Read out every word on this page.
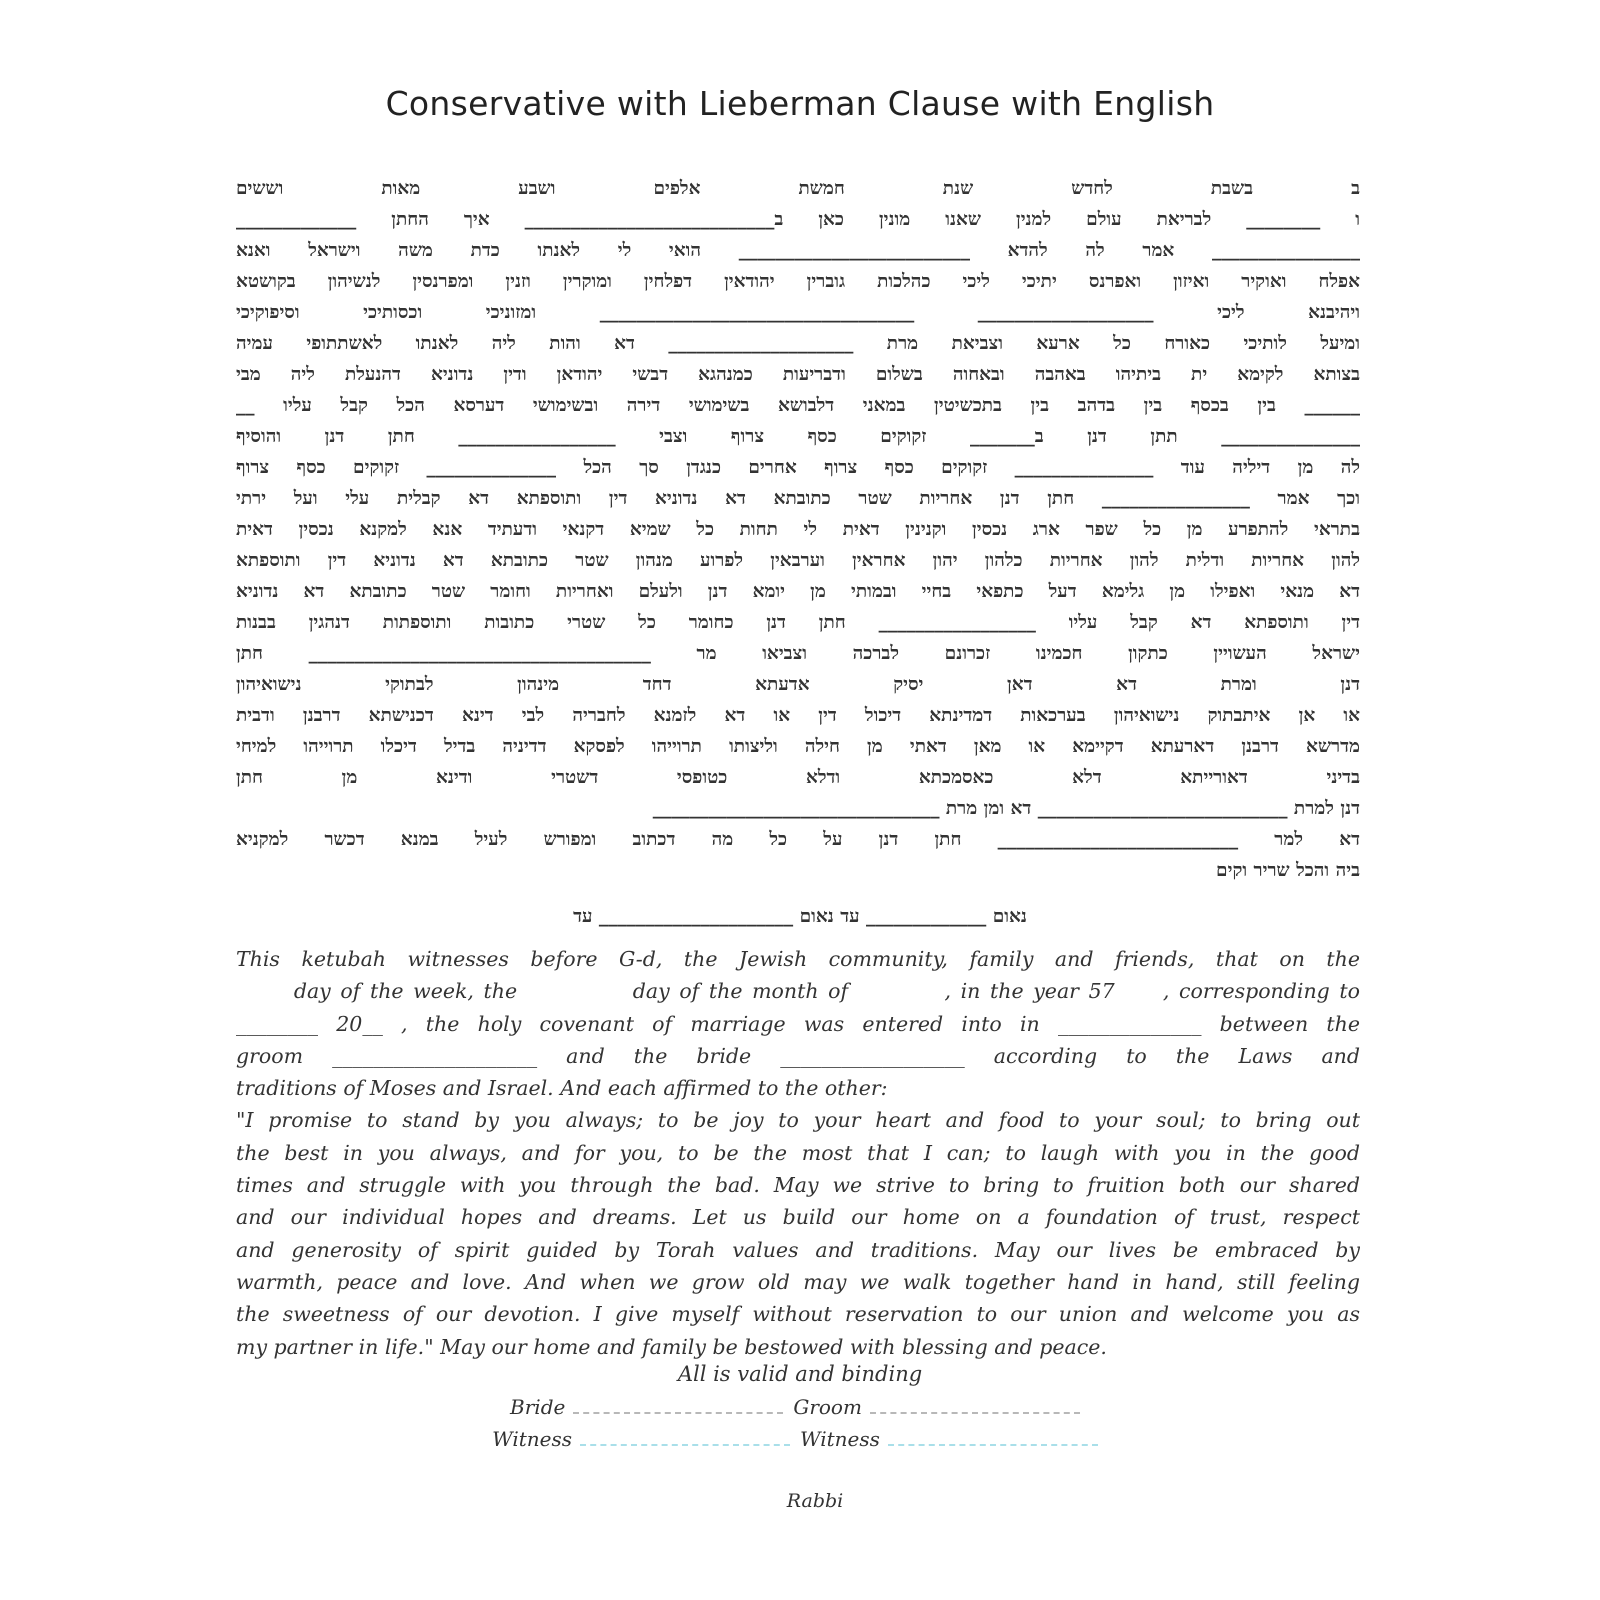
Conservative with Lieberman Clause with English
ב בשבת לחדש שנת חמשת אלפים ושבע מאות וששים
ו ________ לבריאת עולם למנין שאנו מונין כאן ב___________________________ איך החתן _____________
________________ אמר לה להדא _________________________ הואי לי לאנתו כדת משה וישראל ואנא
אפלח ואוקיר ואיזון ואפרנס יתיכי ליכי כהלכות גוברין יהודאין דפלחין ומוקרין וזנין ומפרנסין לנשיהון בקושטא
ויהיבנא ליכי ___________________ __________________________________ ומזוניכי וכסותיכי וסיפוקיכי
ומיעל לותיכי כאורח כל ארעא וצביאת מרת ____________________ דא והות ליה לאנתו לאשתתופי עמיה
בצותא לקימא ית ביתיהו באהבה ובאחוה בשלום ודבריעות כמנהגא דבשי יהודאן ודין נדוניא דהנעלת ליה מבי
______ בין בכסף בין בדהב בין בתכשיטין במאני דלבושא בשימושי דירה ובשימושי דערסא הכל קבל עליו __
_______________ תתן דנן ב_______ זקוקים כסף צרוף וצבי _________________ חתן דנן והוסיף
לה מן דיליה עוד _______________ זקוקים כסף צרוף אחרים כנגדן סך הכל ______________ זקוקים כסף צרוף
וכך אמר ________________ חתן דנן אחריות שטר כתובתא דא נדוניא דין ותוספתא דא קבלית עלי ועל ירתי
בתראי להתפרע מן כל שפר ארג נכסין וקנינין דאית לי תחות כל שמיא דקנאי ודעתיד אנא למקנא נכסין דאית
להון אחריות ודלית להון אחריות כלהון יהון אחראין וערבאין לפרוע מנהון שטר כתובתא דא נדוניא דין ותוספתא
דא מנאי ואפילו מן גלימא דעל כתפאי בחיי ובמותי מן יומא דנן ולעלם ואחריות וחומר שטר כתובתא דא נדוניא
דין ותוספתא דא קבל עליו _________________ חתן דנן כחומר כל שטרי כתובות ותוספתות דנהגין בבנות
ישראל העשויין כתקון חכמינו זכרונם לברכה וצביאו מר _____________________________________ חתן
דנן ומרת דא דאן יסיק אדעתא דחד מינהון לבתוקי נישואיהון
או אן איתבתוק נישואיהון בערכאות דמדינתא דיכול דין או דא לזמנא לחבריה לבי דינא דכנישתא דרבנן ודבית
מדרשא דרבנן דארעתא דקיימא או מאן דאתי מן חילה וליצותו תרוייהו לפסקא דדיניה בדיל דיכלו תרוייהו למיחי
בדיני דאורייתא דלא כאסמכתא ודלא כטופסי דשטרי ודינא מן חתן
דנן למרת ___________________________ דא ומן מרת _______________________________
דא למר __________________________ חתן דנן על כל מה דכתוב ומפורש לעיל במנא דכשר למקניא
ביה והכל שריר וקים
נאום _____________ עד נאום _____________________ עד
This ketubah witnesses before G-d, the Jewish community, family and friends, that on the
day of the week, the            day of the month of          , in the year 57     , corresponding to
________ 20__ , the holy covenant of marriage was entered into in ______________ between the
groom ____________________ and the bride __________________ according to the Laws and
traditions of Moses and Israel. And each affirmed to the other:
"I promise to stand by you always; to be joy to your heart and food to your soul; to bring out
the best in you always, and for you, to be the most that I can; to laugh with you in the good
times and struggle with you through the bad. May we strive to bring to fruition both our shared
and our individual hopes and dreams. Let us build our home on a foundation of trust, respect
and generosity of spirit guided by Torah values and traditions. May our lives be embraced by
warmth, peace and love. And when we grow old may we walk together hand in hand, still feeling
the sweetness of our devotion. I give myself without reservation to our union and welcome you as
my partner in life." May our home and family be bestowed with blessing and peace.
All is valid and binding
Bride	Groom
Witness	Witness
Rabbi
